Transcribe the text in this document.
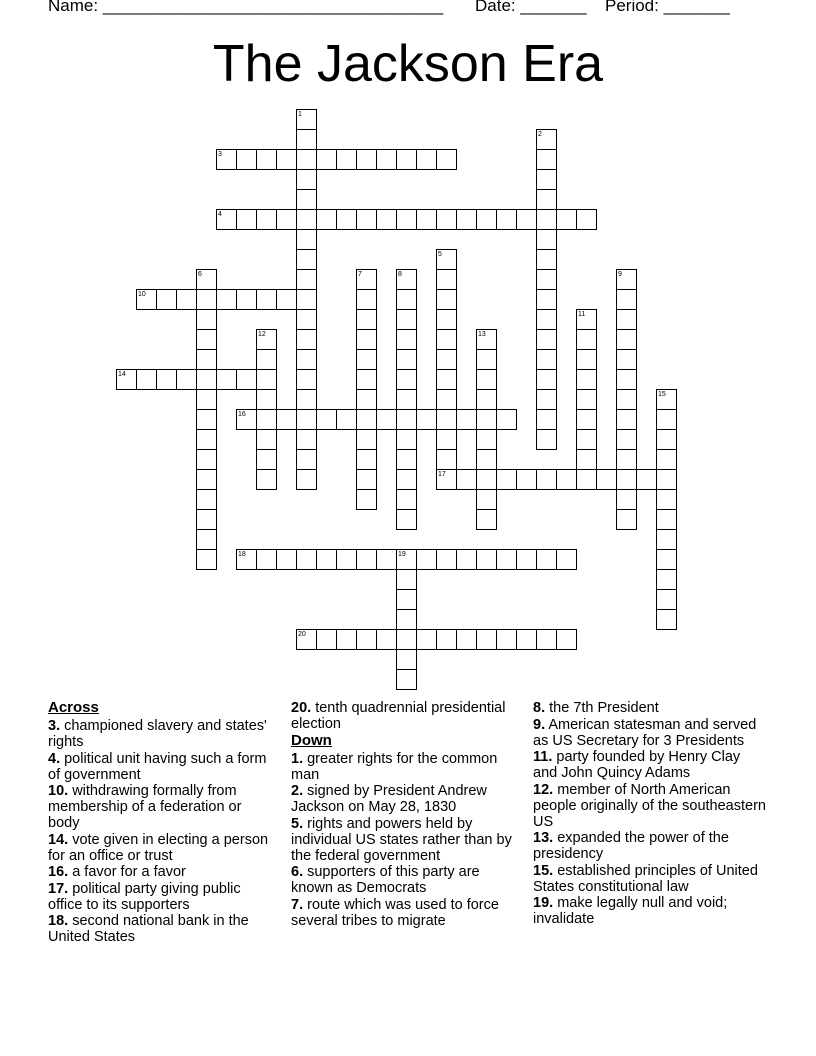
Name: ____________________________________

Date: _______

Period: _______

The Jackson Era
1
2
3
4
5
17
6	7	8	9
10
11
12	13
14
15
16
18	19
20
Across
3. championed slavery and states' rights
4. political unit having such a form of government
10. withdrawing formally from membership of a federation or body
14. vote given in electing a person for an office or trust
16. a favor for a favor
17. political party giving public office to its supporters
18. second national bank in the United States
20. tenth quadrennial presidential election
Down
1. greater rights for the common man
2. signed by President Andrew Jackson on May 28, 1830
5. rights and powers held by individual US states rather than by the federal government
6. supporters of this party are known as Democrats
7. route which was used to force several tribes to migrate
8. the 7th President
9. American statesman and served as US Secretary for 3 Presidents
11. party founded by Henry Clay and John Quincy Adams
12. member of North American people originally of the southeastern US
13. expanded the power of the presidency
15. established principles of United States constitutional law
19. make legally null and void; invalidate
